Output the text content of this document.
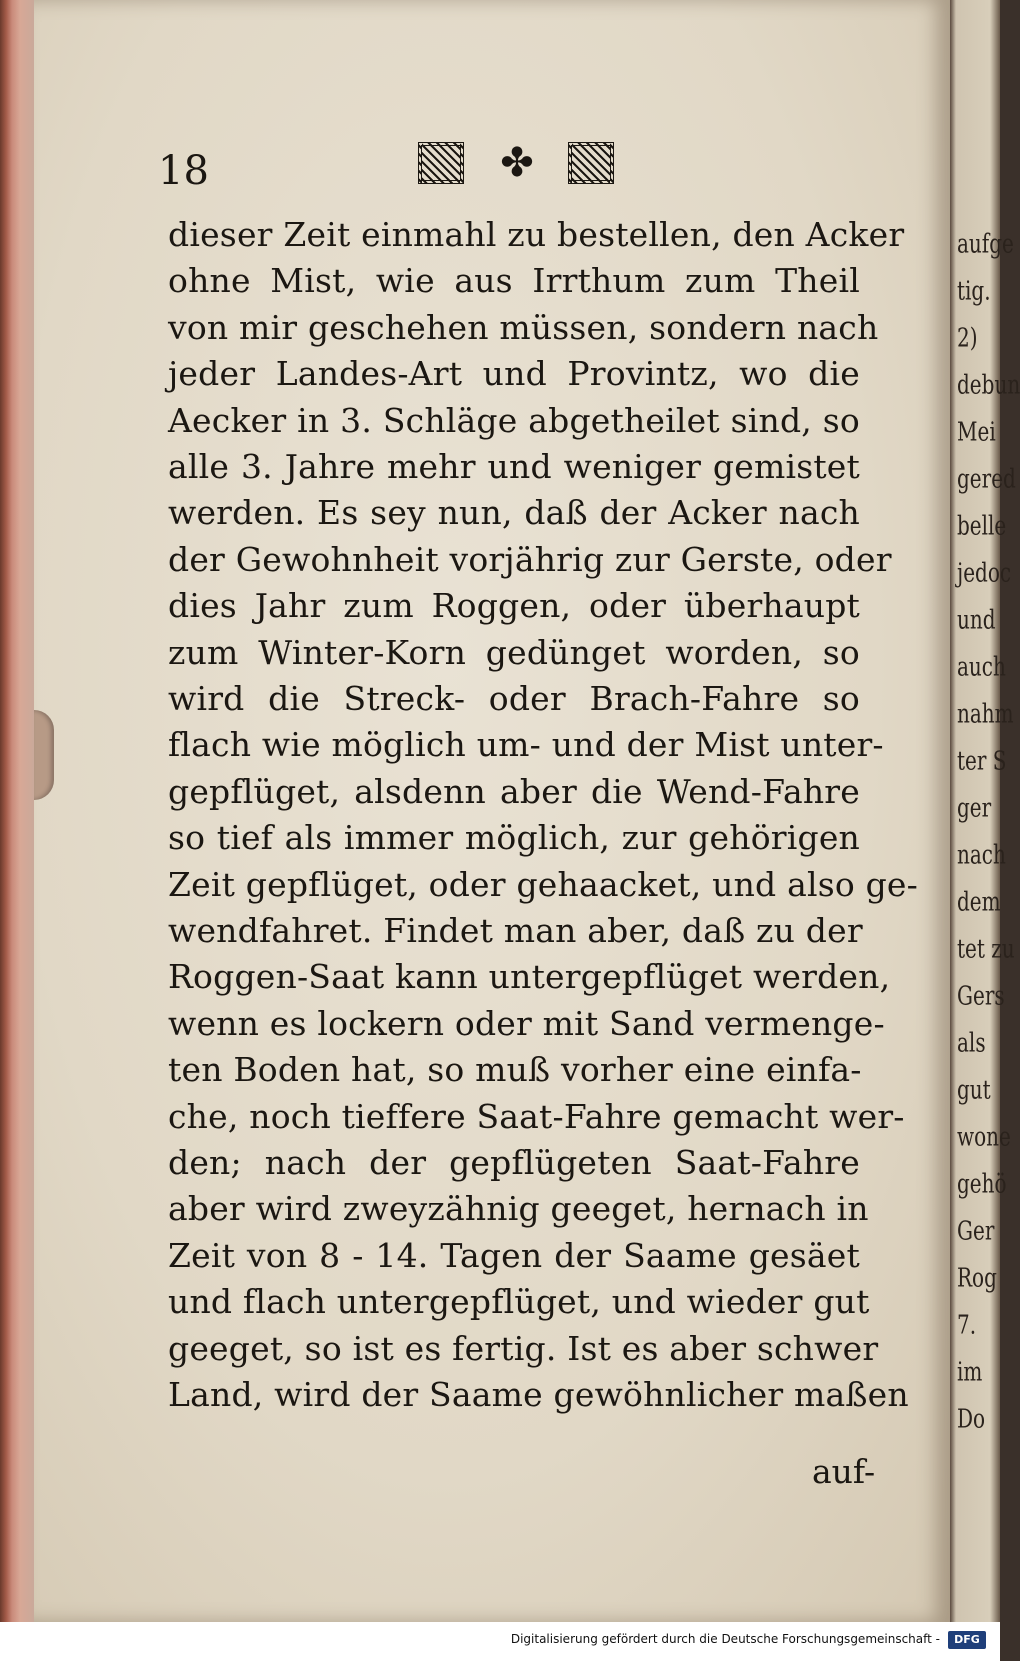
aufge
tig.
2)
debun
Mei
gered
belle
jedoc
und
auch
nahm
ter S
ger
nach
dem
tet zu
Gers
als
gut
wone
gehö
Ger
Rog
7.
im
Do
18	✤
dieser Zeit einmahl zu bestellen, den Acker
ohne Mist, wie aus Irrthum zum Theil
von mir geschehen müssen, sondern nach
jeder Landes-Art und Provintz, wo die
Aecker in 3. Schläge abgetheilet sind, so
alle 3. Jahre mehr und weniger gemistet
werden. Es sey nun, daß der Acker nach
der Gewohnheit vorjährig zur Gerste, oder
dies Jahr zum Roggen, oder überhaupt
zum Winter-Korn gedünget worden, so
wird die Streck- oder Brach-Fahre so
flach wie möglich um- und der Mist unter-
gepflüget, alsdenn aber die Wend-Fahre
so tief als immer möglich, zur gehörigen
Zeit gepflüget, oder gehaacket, und also ge-
wendfahret. Findet man aber, daß zu der
Roggen-Saat kann untergepflüget werden,
wenn es lockern oder mit Sand vermenge-
ten Boden hat, so muß vorher eine einfa-
che, noch tieffere Saat-Fahre gemacht wer-
den; nach der gepflügeten Saat-Fahre
aber wird zweyzähnig geeget, hernach in
Zeit von 8 - 14. Tagen der Saame gesäet
und flach untergepflüget, und wieder gut
geeget, so ist es fertig. Ist es aber schwer
Land, wird der Saame gewöhnlicher maßen
auf-
Digitalisierung gefördert durch die Deutsche Forschungsgemeinschaft -	DFG
